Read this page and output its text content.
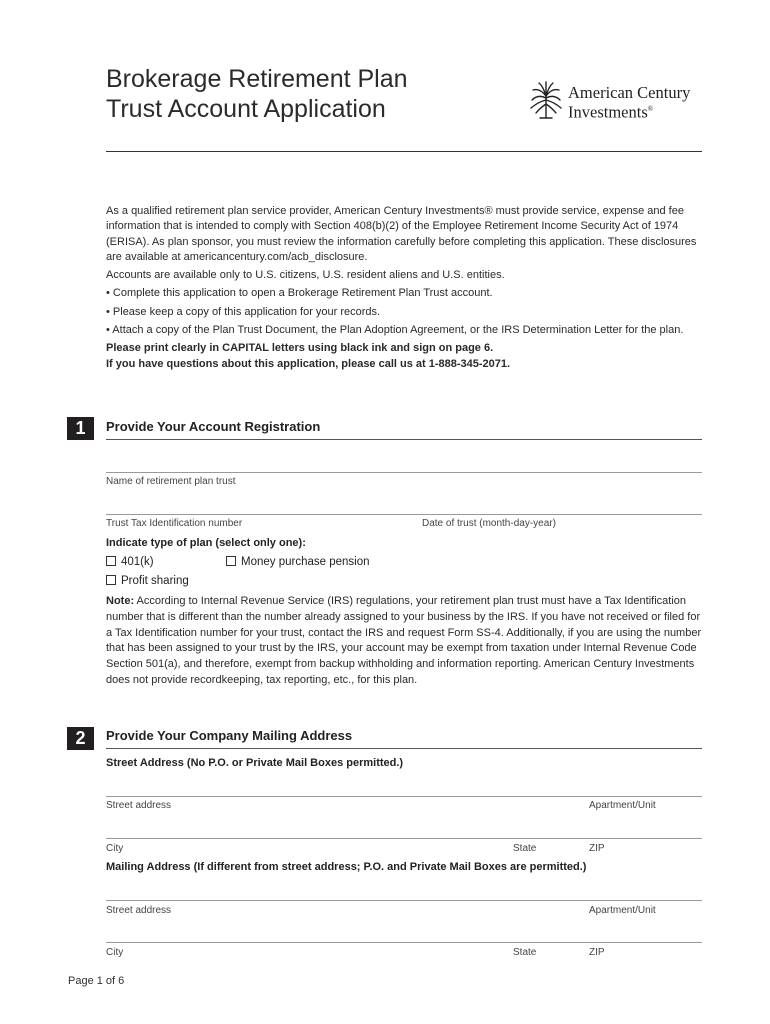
Brokerage Retirement Plan
Trust Account Application
American Century
Investments®

As a qualified retirement plan service provider, American Century Investments® must provide service, expense and fee information that is intended to comply with Section 408(b)(2) of the Employee Retirement Income Security Act of 1974 (ERISA). As plan sponsor, you must review the information carefully before completing this application. These disclosures are available at americancentury.com/acb_disclosure.

Accounts are available only to U.S. citizens, U.S. resident aliens and U.S. entities.

• Complete this application to open a Brokerage Retirement Plan Trust account.

• Please keep a copy of this application for your records.

• Attach a copy of the Plan Trust Document, the Plan Adoption Agreement, or the IRS Determination Letter for the plan.

Please print clearly in CAPITAL letters using black ink and sign on page 6.

If you have questions about this application, please call us at 1-888-345-2071.

1	Provide Your Account Registration
Name of retirement plan trust
Trust Tax Identification number	Date of trust (month-day-year)
Indicate type of plan (select only one):
401(k)	Money purchase pension
Profit sharing
Note: According to Internal Revenue Service (IRS) regulations, your retirement plan trust must have a Tax Identification number that is different than the number already assigned to your business by the IRS. If you have not received or filed for a Tax Identification number for your trust, contact the IRS and request Form SS-4. Additionally, if you are using the number that has been assigned to your trust by the IRS, your account may be exempt from taxation under Internal Revenue Code Section 501(a), and therefore, exempt from backup withholding and information reporting. American Century Investments does not provide recordkeeping, tax reporting, etc., for this plan.
2	Provide Your Company Mailing Address
Street Address (No P.O. or Private Mail Boxes permitted.)
Street address	Apartment/Unit
City	State	ZIP
Mailing Address (If different from street address; P.O. and Private Mail Boxes are permitted.)
Street address	Apartment/Unit
City	State	ZIP
Page 1 of 6
